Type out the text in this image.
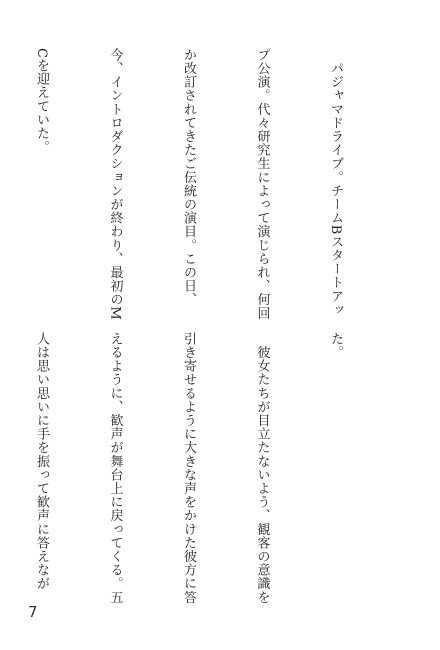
　パジャマドライブ。チームBスタートアッ

プ公演。代々研究生によって演じられ、何回

か改訂されてきたご伝統の演目。この日、

今、イントロダクションが終わり、最初のM

Cを迎えていた。

た。

　彼女たちが目立たないよう、観客の意識を

引き寄せるように大きな声をかけた彼方に答

えるように、歓声が舞台上に戻ってくる。五

人は思い思いに手を振って歓声に答えなが

7
